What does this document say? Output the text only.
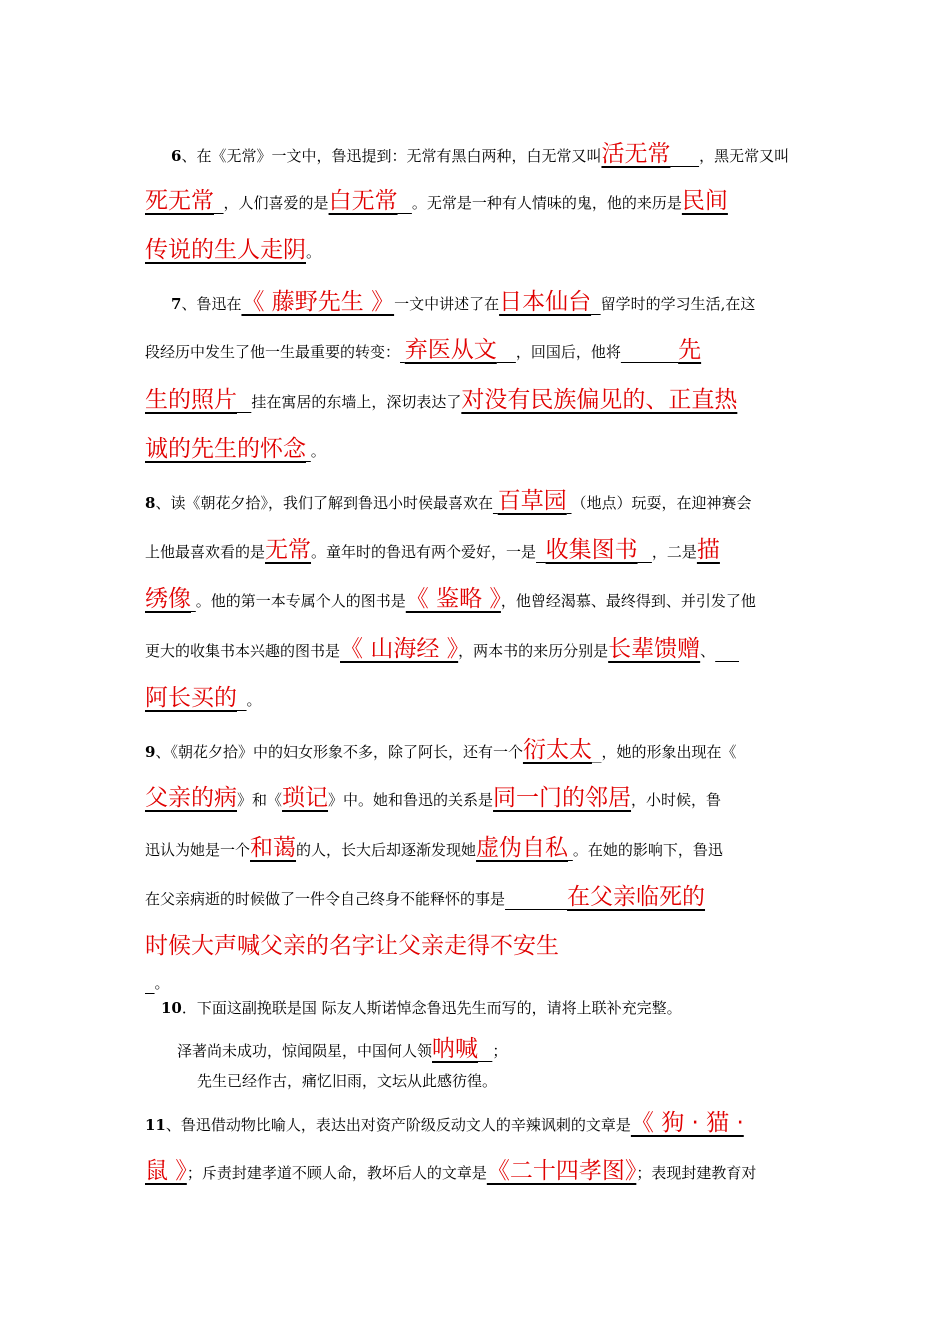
6、在《无常》一文中，鲁迅提到：无常有黑白两种，白无常又叫活无常 ，黑无常又叫
死无常 ，人们喜爱的是白无常 。无常是一种有人情味的鬼，他的来历是民间
传说的生人走阴。
7、鲁迅在《 藤野先生 》一文中讲述了在日本仙台 留学时的学习生活,在这
段经历中发生了他一生最重要的转变： 弃医从文 ，回国后，他将 先
生的照片 挂在寓居的东墙上，深切表达了对没有民族偏见的、正直热
诚的先生的怀念 。
8、读《朝花夕拾》，我们了解到鲁迅小时侯最喜欢在 百草园 （地点）玩耍，在迎神赛会
上他最喜欢看的是无常。童年时的鲁迅有两个爱好，一是 收集图书 ，二是描
绣像 。他的第一本专属个人的图书是《 鉴略 》，他曾经渴慕、最终得到、并引发了他
更大的收集书本兴趣的图书是《 山海经 》，两本书的来历分别是长辈馈赠、
阿长买的 。
9、《朝花夕拾》中的妇女形象不多，除了阿长，还有一个衍太太 ，她的形象出现在《
父亲的病》和《琐记》中。她和鲁迅的关系是同一门的邻居，小时候，鲁
迅认为她是一个和蔼的人，长大后却逐渐发现她虚伪自私 。在她的影响下，鲁迅
在父亲病逝的时候做了一件令自己终身不能释怀的事是	在父亲临死的
时候大声喊父亲的名字让父亲走得不安生
。
10．下面这副挽联是国 际友人斯诺悼念鲁迅先生而写的，请将上联补充完整。
泽著尚未成功，惊闻陨星，中国何人领呐喊 ；
先生已经作古，痛忆旧雨，文坛从此感彷徨。
11、鲁迅借动物比喻人，表达出对资产阶级反动文人的辛辣讽刺的文章是《 狗 · 猫 ·
鼠 》；斥责封建孝道不顾人命，教坏后人的文章是《二十四孝图》；表现封建教育对
